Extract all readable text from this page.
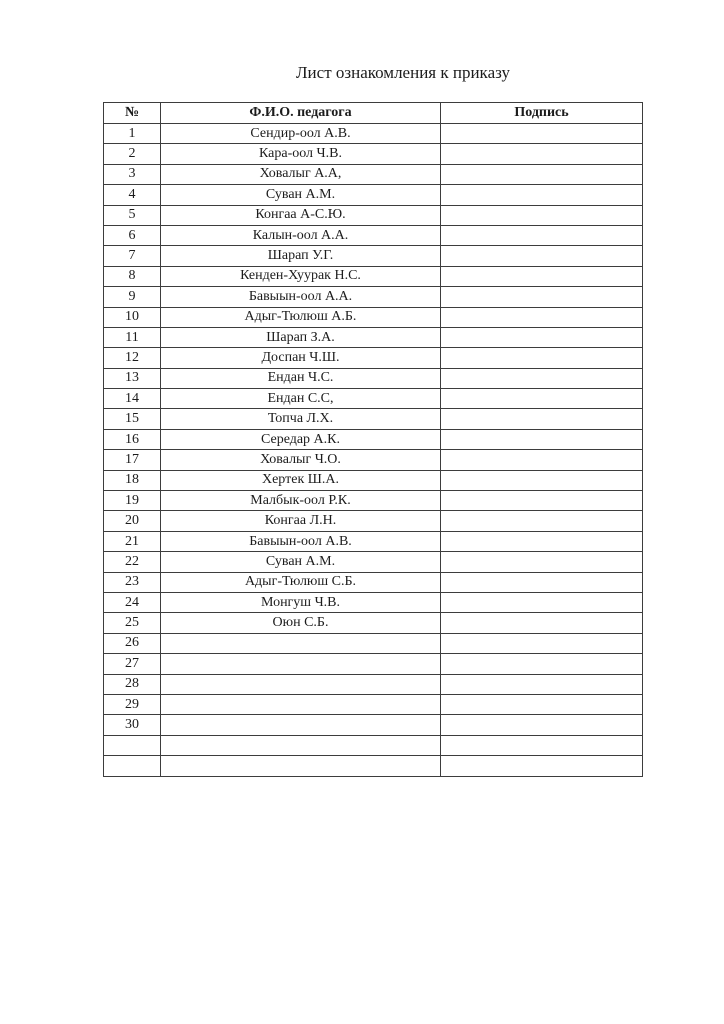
Лист ознакомления к приказу
№	Ф.И.О. педагога	Подпись
1	Сендир-оол А.В.	
2	Кара-оол Ч.В.	
3	Ховалыг А.А,	
4	Суван А.М.	
5	Конгаа А-С.Ю.	
6	Калын-оол А.А.	
7	Шарап У.Г.	
8	Кенден-Хуурак Н.С.	
9	Бавыын-оол А.А.	
10	Адыг-Тюлюш А.Б.	
11	Шарап З.А.	
12	Доспан Ч.Ш.	
13	Ендан Ч.С.	
14	Ендан С.С,	
15	Топча Л.Х.	
16	Середар А.К.	
17	Ховалыг Ч.О.	
18	Хертек Ш.А.	
19	Малбык-оол Р.К.	
20	Конгаа Л.Н.	
21	Бавыын-оол А.В.	
22	Суван А.М.	
23	Адыг-Тюлюш С.Б.	
24	Монгуш Ч.В.	
25	Оюн С.Б.	
26		
27		
28		
29		
30		
